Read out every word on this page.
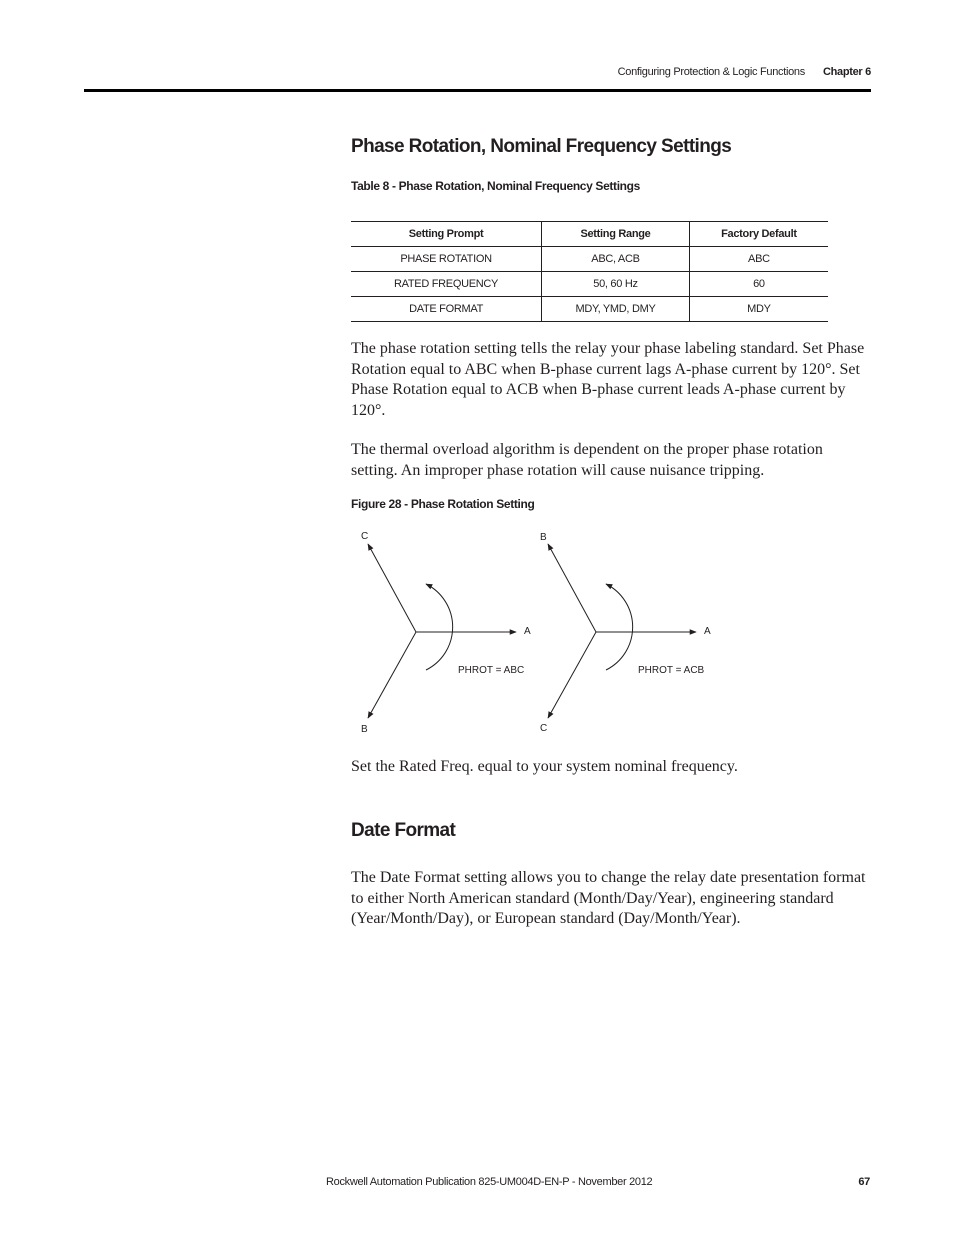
Configuring Protection & Logic Functions Chapter 6
Phase Rotation, Nominal Frequency Settings
Table 8 - Phase Rotation, Nominal Frequency Settings
Setting Prompt	Setting Range	Factory Default
PHASE ROTATION	ABC, ACB	ABC
RATED FREQUENCY	50, 60 Hz	60
DATE FORMAT	MDY, YMD, DMY	MDY

The phase rotation setting tells the relay your phase labeling standard. Set Phase Rotation equal to ABC when B-phase current lags A-phase current by 120°. Set Phase Rotation equal to ACB when B-phase current leads A-phase current by 120°.

The thermal overload algorithm is dependent on the proper phase rotation setting. An improper phase rotation will cause nuisance tripping.

Figure 28 - Phase Rotation Setting
C
A
B
PHROT = ABC
B
A
C
PHROT = ACB

Set the Rated Freq. equal to your system nominal frequency.

Date Format

The Date Format setting allows you to change the relay date presentation format to either North American standard (Month/Day/Year), engineering standard (Year/Month/Day), or European standard (Day/Month/Year).

Rockwell Automation Publication 825-UM004D-EN-P - November 2012	67
